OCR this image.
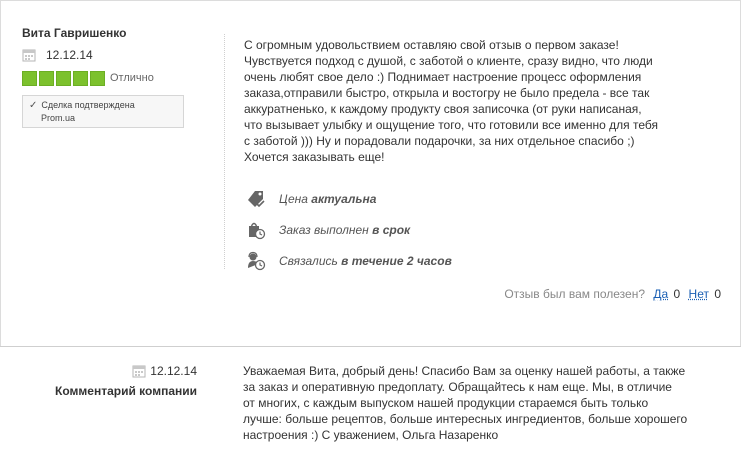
Вита Гавришенко
12.12.14
Отлично
✓ Сделка подтверждена
Prom.ua
С огромным удовольствием оставляю свой отзыв о первом заказе!
Чувствуется подход с душой, с заботой о клиенте, сразу видно, что люди
очень любят свое дело :) Поднимает настроение процесс оформления
заказа,отправили быстро, открыла и востогру не было предела - все так
аккуратненько, к каждому продукту своя записочка (от руки написаная,
что вызывает улыбку и ощущение того, что готовили все именно для тебя
с заботой ))) Ну и порадовали подарочки, за них отдельное спасибо ;)
Хочется заказывать еще!
Цена актуальна
Заказ выполнен в срок
Связались в течение 2 часов
Отзыв был вам полезен? Да 0 Нет 0
12.12.14
Комментарий компании
Уважаемая Вита, добрый день! Спасибо Вам за оценку нашей работы, а также
за заказ и оперативную предоплату. Обращайтесь к нам еще. Мы, в отличие
от многих, с каждым выпуском нашей продукции стараемся быть только
лучше: больше рецептов, больше интересных ингредиентов, больше хорошего
настроения :) С уважением, Ольга Назаренко
